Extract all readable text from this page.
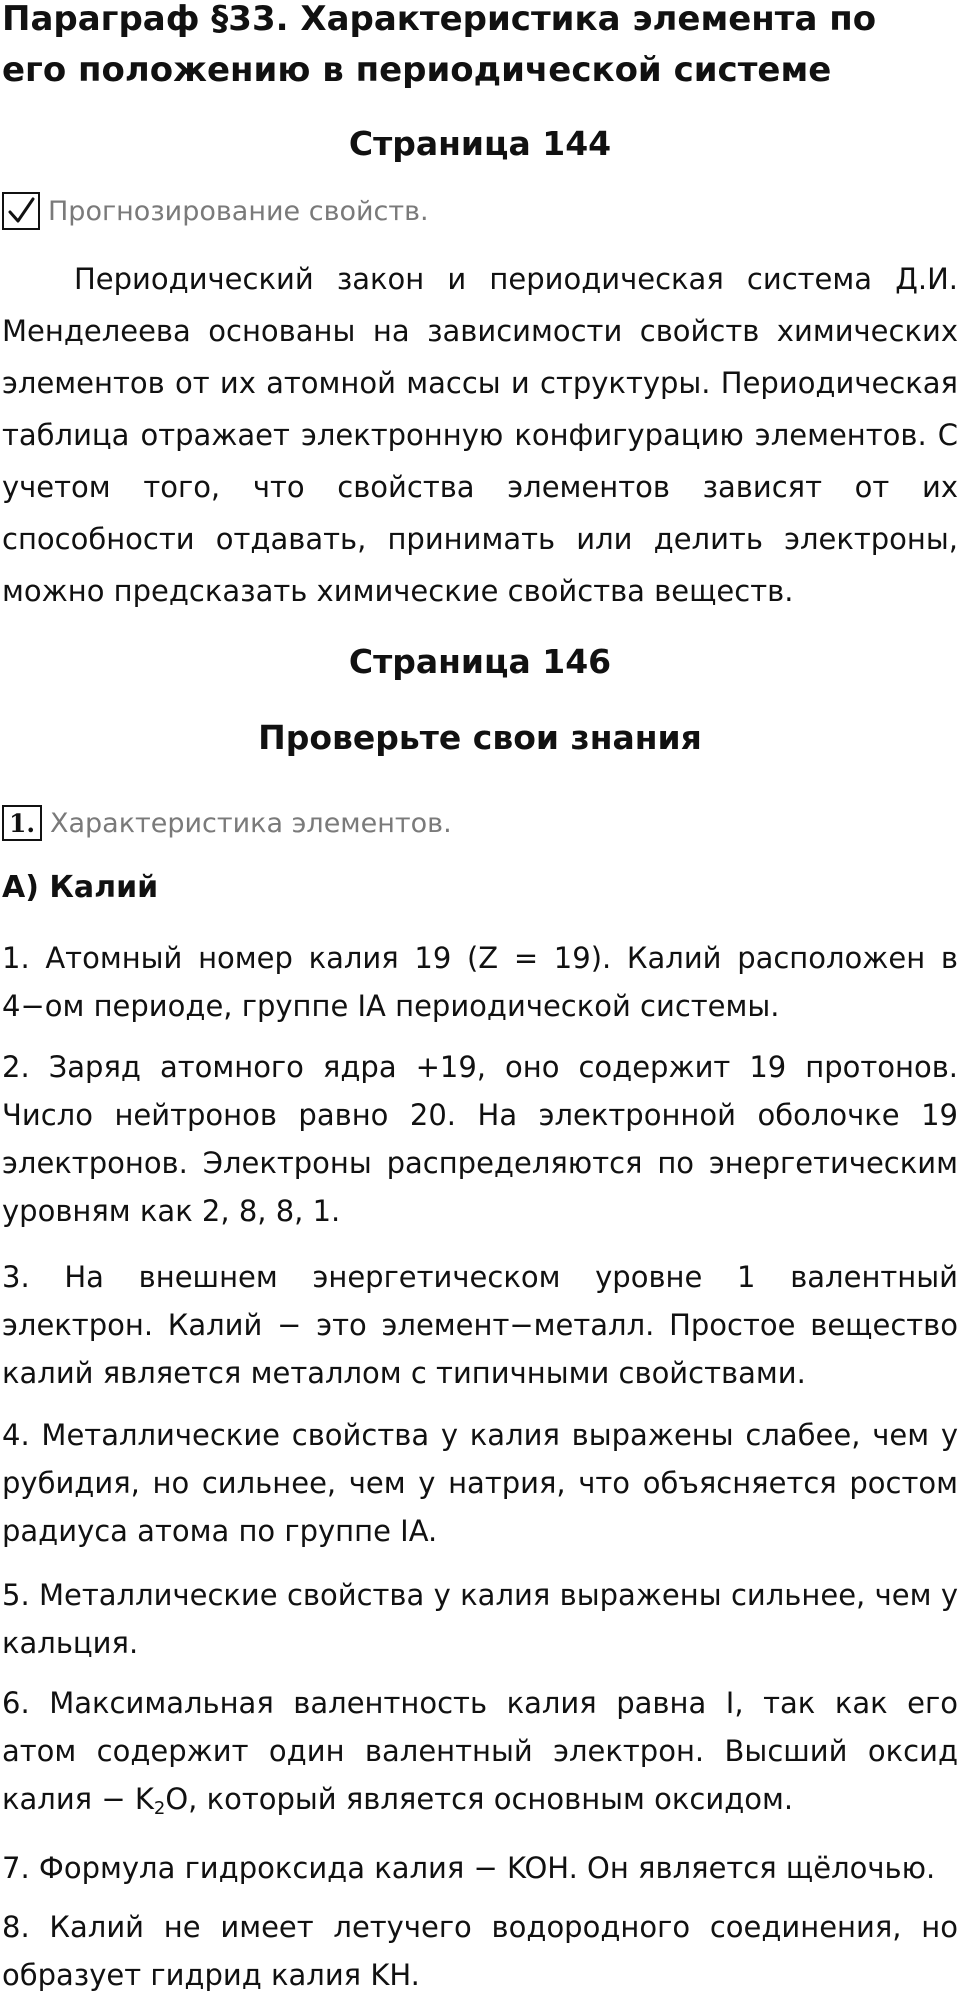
Параграф §33. Характеристика элемента по его положению в периодической системе
Страница 144
Прогнозирование свойств.

Периодический закон и периодическая система Д.И. Менделеева основаны на зависимости свойств химических элементов от их атомной массы и структуры. Периодическая таблица отражает электронную конфигурацию элементов. С учетом того, что свойства элементов зависят от их способности отдавать, принимать или делить электроны, можно предсказать химические свойства веществ.

Страница 146
Проверьте свои знания
1. Характеристика элементов.
А) Калий

1. Атомный номер калия 19 (Z = 19). Калий расположен в 4−ом периоде, группе IA периодической системы.

2. Заряд атомного ядра +19, оно содержит 19 протонов. Число нейтронов равно 20. На электронной оболочке 19 электронов. Электроны распределяются по энергетическим уровням как 2, 8, 8, 1.

3. На внешнем энергетическом уровне 1 валентный электрон. Калий − это элемент−металл. Простое вещество калий является металлом с типичными свойствами.

4. Металлические свойства у калия выражены слабее, чем у рубидия, но сильнее, чем у натрия, что объясняется ростом радиуса атома по группе IA.

5. Металлические свойства у калия выражены сильнее, чем у кальция.

6. Максимальная валентность калия равна I, так как его атом содержит один валентный электрон. Высший оксид калия − $K_2O$, который является основным оксидом.

7. Формула гидроксида калия − KOH. Он является щёлочью.

8. Калий не имеет летучего водородного соединения, но образует гидрид калия KH.
